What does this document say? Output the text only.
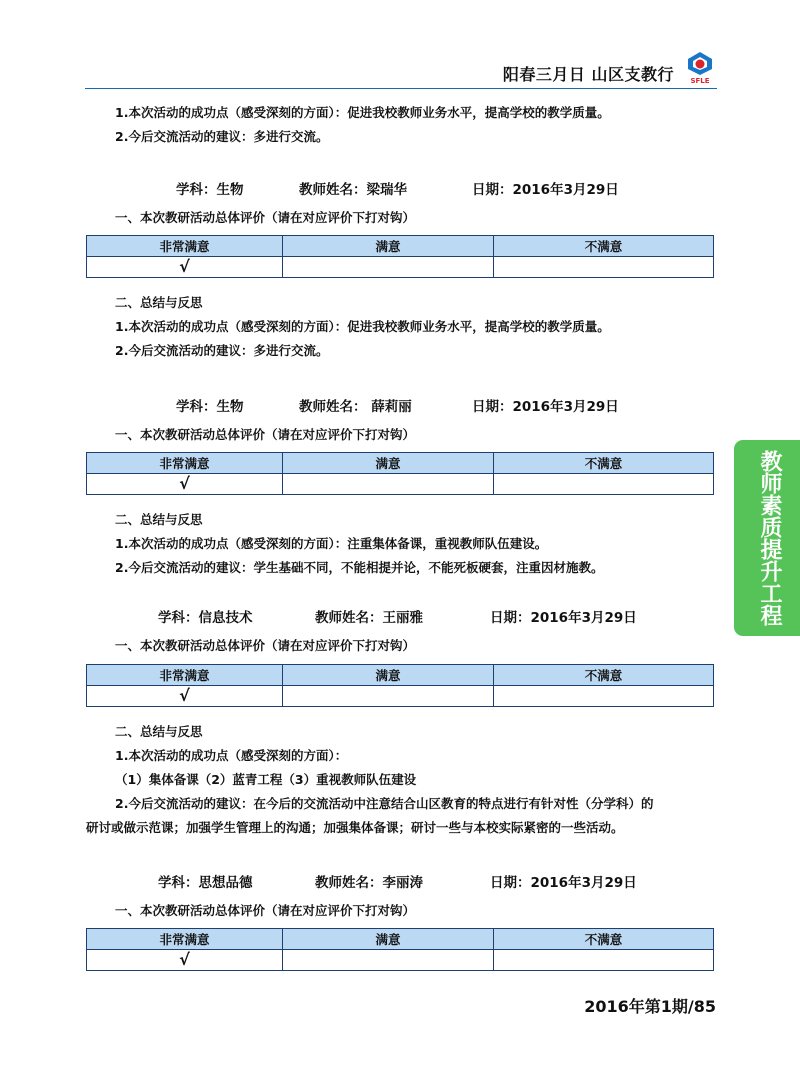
阳春三月日 山区支教行 SFLE
1.本次活动的成功点（感受深刻的方面）：促进我校教师业务水平，提高学校的教学质量。
2.今后交流活动的建议：多进行交流。
学科：生物	教师姓名：梁瑞华	日期：2016年3月29日
一、本次教研活动总体评价（请在对应评价下打对钩）
非常满意	满意	不满意
√		
二、总结与反思
1.本次活动的成功点（感受深刻的方面）：促进我校教师业务水平，提高学校的教学质量。
2.今后交流活动的建议：多进行交流。
学科：生物	教师姓名： 薛莉丽	日期：2016年3月29日
一、本次教研活动总体评价（请在对应评价下打对钩）
非常满意	满意	不满意
√		
二、总结与反思
1.本次活动的成功点（感受深刻的方面）：注重集体备课，重视教师队伍建设。
2.今后交流活动的建议：学生基础不同，不能相提并论，不能死板硬套，注重因材施教。
学科：信息技术	教师姓名：王丽雅	日期：2016年3月29日
一、本次教研活动总体评价（请在对应评价下打对钩）
非常满意	满意	不满意
√		
二、总结与反思
1.本次活动的成功点（感受深刻的方面）：
（1）集体备课（2）蓝青工程（3）重视教师队伍建设
2.今后交流活动的建议：在今后的交流活动中注意结合山区教育的特点进行有针对性（分学科）的
研讨或做示范课；加强学生管理上的沟通；加强集体备课；研讨一些与本校实际紧密的一些活动。
学科：思想品德	教师姓名：李丽涛	日期：2016年3月29日
一、本次教研活动总体评价（请在对应评价下打对钩）
非常满意	满意	不满意
√		
教师素质提升工程
2016年第1期/85
